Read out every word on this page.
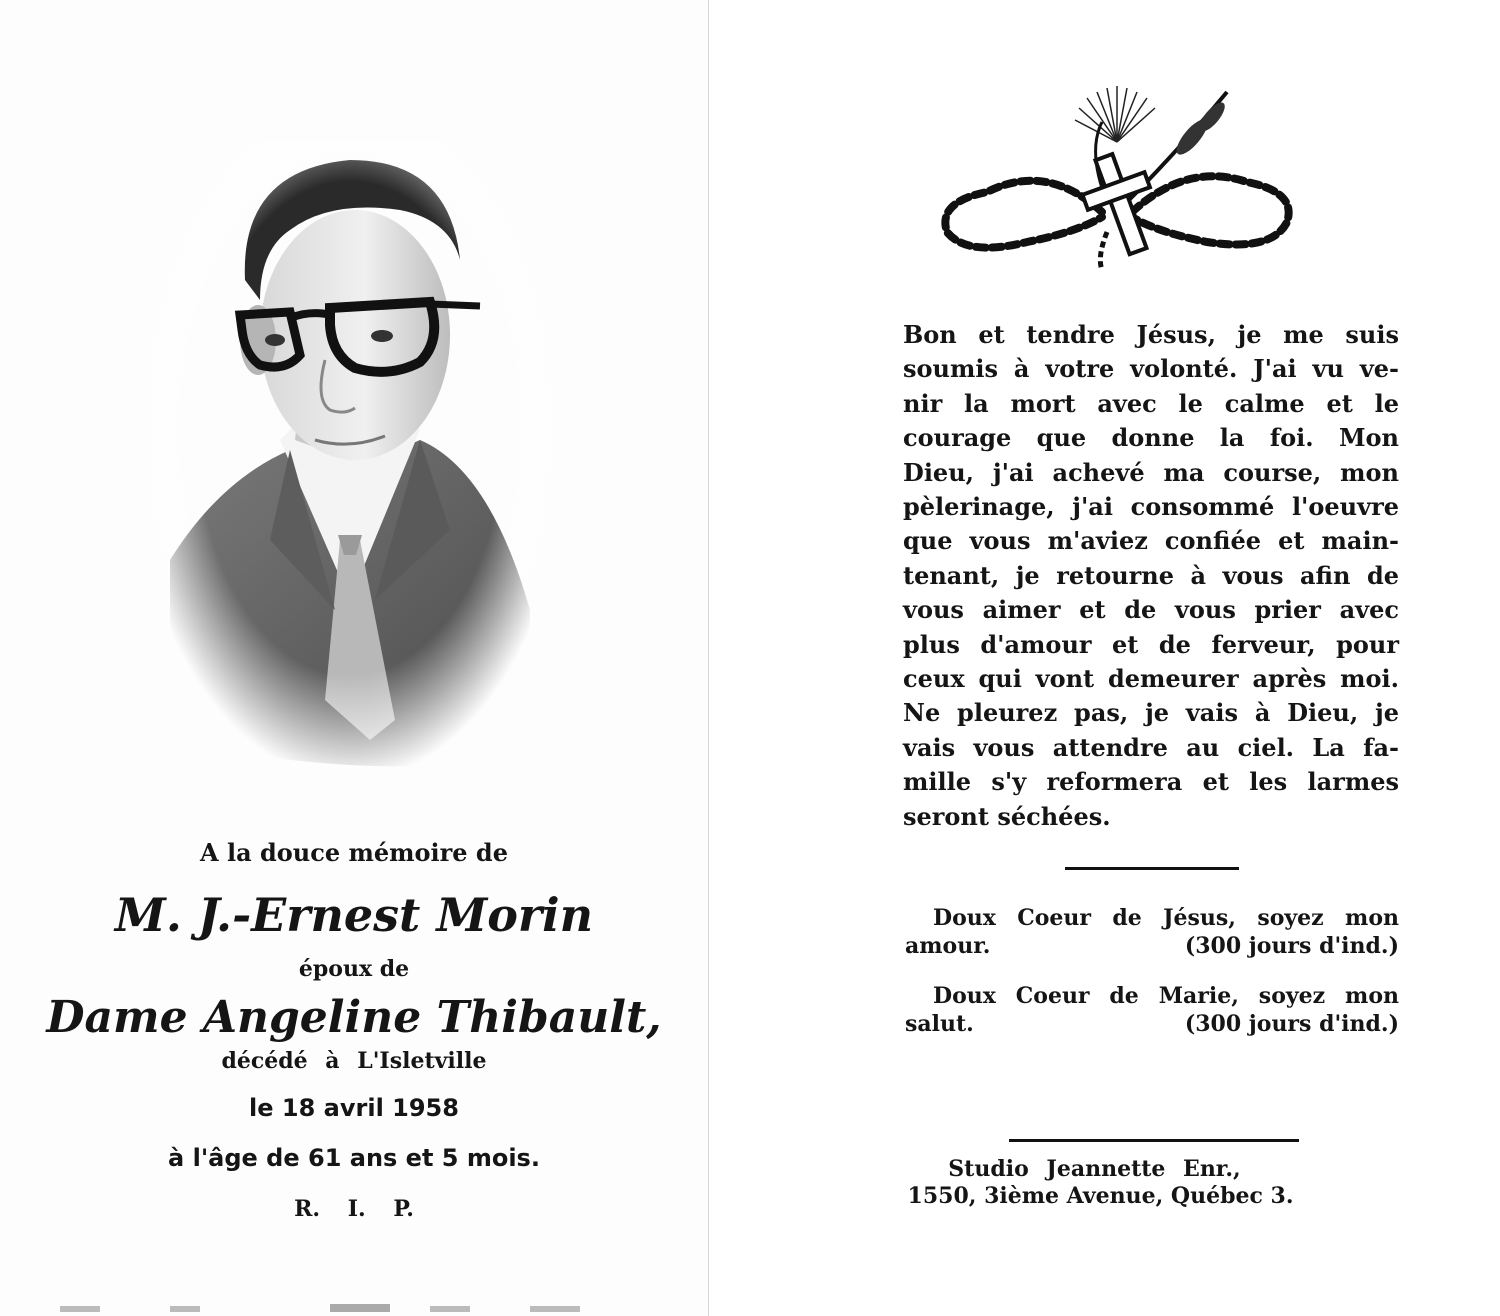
A la douce mémoire de
M. J.-Ernest Morin
époux de
Dame Angeline Thibault,
décédé à L'Isletville
le 18 avril 1958
à l'âge de 61 ans et 5 mois.
R. I. P.
Bon et tendre Jésus, je me suis
soumis à votre volonté. J'ai vu ve-
nir la mort avec le calme et le
courage que donne la foi. Mon
Dieu, j'ai achevé ma course, mon
pèlerinage, j'ai consommé l'oeuvre
que vous m'aviez confiée et main-
tenant, je retourne à vous afin de
vous aimer et de vous prier avec
plus d'amour et de ferveur, pour
ceux qui vont demeurer après moi.
Ne pleurez pas, je vais à Dieu, je
vais vous attendre au ciel. La fa-
mille s'y reformera et les larmes
seront séchées.
Doux Coeur de Jésus, soyez mon
amour.	(300 jours d'ind.)
Doux Coeur de Marie, soyez mon
salut.	(300 jours d'ind.)
Studio Jeannette Enr.,
1550, 3ième Avenue, Québec 3.
